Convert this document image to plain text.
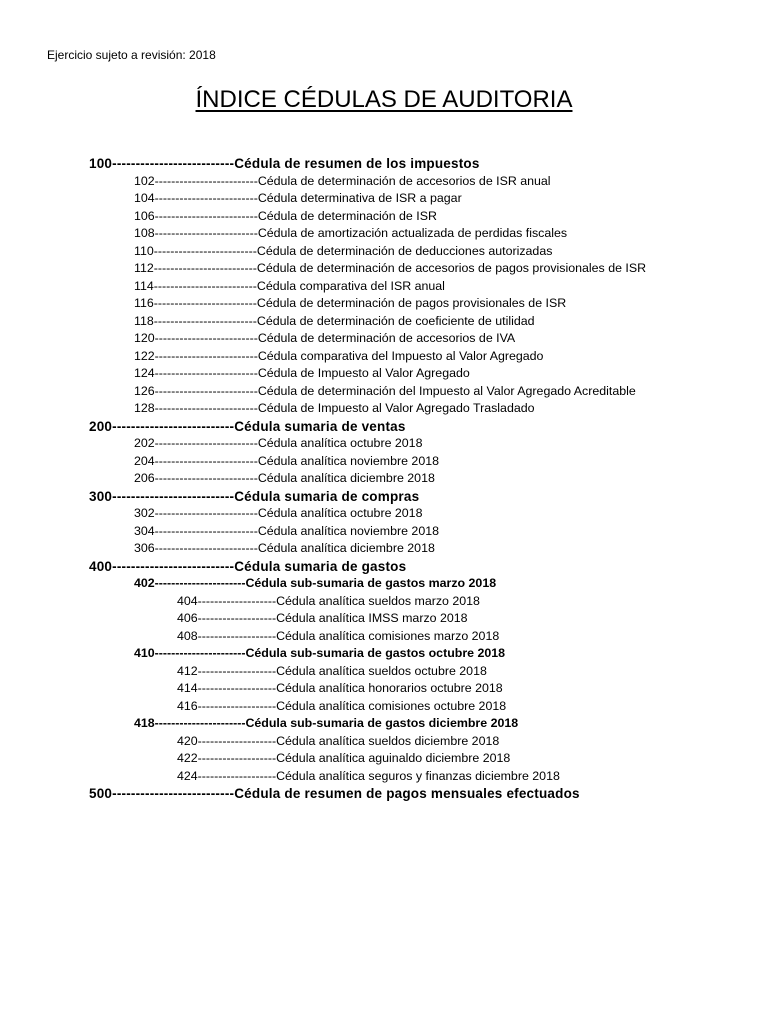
Ejercicio sujeto a revisión: 2018
ÍNDICE CÉDULAS DE AUDITORIA
100--------------------------Cédula de resumen de los impuestos
102-------------------------Cédula de determinación de accesorios de ISR anual
104-------------------------Cédula determinativa de ISR a pagar
106-------------------------Cédula de determinación de ISR
108-------------------------Cédula de amortización actualizada de perdidas fiscales
110-------------------------Cédula de determinación de deducciones autorizadas
112-------------------------Cédula de determinación de accesorios de pagos provisionales de ISR
114-------------------------Cédula comparativa del ISR anual
116-------------------------Cédula de determinación de pagos provisionales de ISR
118-------------------------Cédula de determinación de coeficiente de utilidad
120-------------------------Cédula de determinación de accesorios de IVA
122-------------------------Cédula comparativa del Impuesto al Valor Agregado
124-------------------------Cédula de Impuesto al Valor Agregado
126-------------------------Cédula de determinación del Impuesto al Valor Agregado Acreditable
128-------------------------Cédula de Impuesto al Valor Agregado Trasladado
200--------------------------Cédula sumaria de ventas
202-------------------------Cédula analítica octubre 2018
204-------------------------Cédula analítica noviembre 2018
206-------------------------Cédula analítica diciembre 2018
300--------------------------Cédula sumaria de compras
302-------------------------Cédula analítica octubre 2018
304-------------------------Cédula analítica noviembre 2018
306-------------------------Cédula analítica diciembre 2018
400--------------------------Cédula sumaria de gastos
402----------------------Cédula sub-sumaria de gastos marzo 2018
404-------------------Cédula analítica sueldos marzo 2018
406-------------------Cédula analítica IMSS marzo 2018
408-------------------Cédula analítica comisiones marzo 2018
410----------------------Cédula sub-sumaria de gastos octubre 2018
412-------------------Cédula analítica sueldos octubre 2018
414-------------------Cédula analítica honorarios octubre 2018
416-------------------Cédula analítica comisiones octubre 2018
418----------------------Cédula sub-sumaria de gastos diciembre 2018
420-------------------Cédula analítica sueldos diciembre 2018
422-------------------Cédula analítica aguinaldo diciembre 2018
424-------------------Cédula analítica seguros y finanzas diciembre 2018
500--------------------------Cédula de resumen de pagos mensuales efectuados
